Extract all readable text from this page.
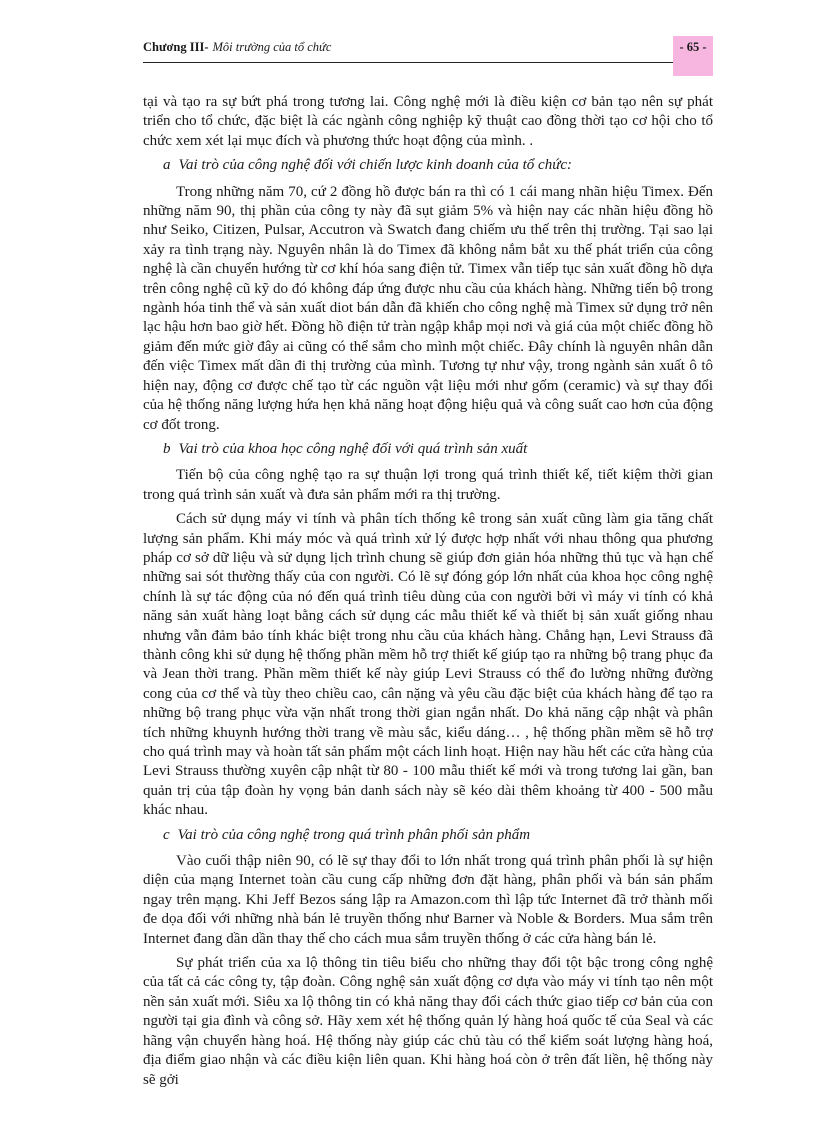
Chương III- Môi trường của tổ chức	- 65 -

tại và tạo ra sự bứt phá trong tương lai. Công nghệ mới là điều kiện cơ bản tạo nên sự phát triển cho tổ chức, đặc biệt là các ngành công nghiệp kỹ thuật cao đồng thời tạo cơ hội cho tổ chức xem xét lại mục đích và phương thức hoạt động của mình. .

a Vai trò của công nghệ đối với chiến lược kinh doanh của tổ chức:

Trong những năm 70, cứ 2 đồng hồ được bán ra thì có 1 cái mang nhãn hiệu Timex. Đến những năm 90, thị phần của công ty này đã sụt giảm 5% và hiện nay các nhãn hiệu đồng hồ như Seiko, Citizen, Pulsar, Accutron và Swatch đang chiếm ưu thế trên thị trường. Tại sao lại xảy ra tình trạng này. Nguyên nhân là do Timex đã không nắm bắt xu thế phát triển của công nghệ là cần chuyển hướng từ cơ khí hóa sang điện tử. Timex vẫn tiếp tục sản xuất đồng hồ dựa trên công nghệ cũ kỹ do đó không đáp ứng được nhu cầu của khách hàng. Những tiến bộ trong ngành hóa tinh thể và sản xuất diot bán dẫn đã khiến cho công nghệ mà Timex sử dụng trở nên lạc hậu hơn bao giờ hết. Đồng hồ điện tử tràn ngập khắp mọi nơi và giá của một chiếc đồng hồ giảm đến mức giờ đây ai cũng có thể sắm cho mình một chiếc. Đây chính là nguyên nhân dẫn đến việc Timex mất dần đi thị trường của mình. Tương tự như vậy, trong ngành sản xuất ô tô hiện nay, động cơ được chế tạo từ các nguồn vật liệu mới như gốm (ceramic) và sự thay đổi của hệ thống năng lượng hứa hẹn khả năng hoạt động hiệu quả và công suất cao hơn của động cơ đốt trong.

b Vai trò của khoa học công nghệ đối với quá trình sản xuất

Tiến bộ của công nghệ tạo ra sự thuận lợi trong quá trình thiết kế, tiết kiệm thời gian trong quá trình sản xuất và đưa sản phẩm mới ra thị trường.

Cách sử dụng máy vi tính và phân tích thống kê trong sản xuất cũng làm gia tăng chất lượng sản phẩm. Khi máy móc và quá trình xử lý được hợp nhất với nhau thông qua phương pháp cơ sở dữ liệu và sử dụng lịch trình chung sẽ giúp đơn giản hóa những thủ tục và hạn chế những sai sót thường thấy của con người. Có lẽ sự đóng góp lớn nhất của khoa học công nghệ chính là sự tác động của nó đến quá trình tiêu dùng của con người bởi vì máy vi tính có khả năng sản xuất hàng loạt bằng cách sử dụng các mẫu thiết kế và thiết bị sản xuất giống nhau nhưng vẫn đảm bảo tính khác biệt trong nhu cầu của khách hàng. Chẳng hạn, Levi Strauss đã thành công khi sử dụng hệ thống phần mềm hỗ trợ thiết kế giúp tạo ra những bộ trang phục đa và Jean thời trang. Phần mềm thiết kế này giúp Levi Strauss có thể đo lường những đường cong của cơ thể và tùy theo chiều cao, cân nặng và yêu cầu đặc biệt của khách hàng để tạo ra những bộ trang phục vừa vặn nhất trong thời gian ngắn nhất. Do khả năng cập nhật và phân tích những khuynh hướng thời trang về màu sắc, kiểu dáng… , hệ thống phần mềm sẽ hỗ trợ cho quá trình may và hoàn tất sản phẩm một cách linh hoạt. Hiện nay hầu hết các cửa hàng của Levi Strauss thường xuyên cập nhật từ 80 - 100 mẫu thiết kế mới và trong tương lai gần, ban quản trị của tập đoàn hy vọng bản danh sách này sẽ kéo dài thêm khoảng từ 400 - 500 mẫu khác nhau.

c Vai trò của công nghệ trong quá trình phân phối sản phẩm

Vào cuối thập niên 90, có lẽ sự thay đổi to lớn nhất trong quá trình phân phối là sự hiện diện của mạng Internet toàn cầu cung cấp những đơn đặt hàng, phân phối và bán sản phẩm ngay trên mạng. Khi Jeff Bezos sáng lập ra Amazon.com thì lập tức Internet đã trở thành mối đe dọa đối với những nhà bán lẻ truyền thống như Barner và Noble & Borders. Mua sắm trên Internet đang dần dần thay thế cho cách mua sắm truyền thống ở các cửa hàng bán lẻ.

Sự phát triển của xa lộ thông tin tiêu biểu cho những thay đổi tột bậc trong công nghệ của tất cả các công ty, tập đoàn. Công nghệ sản xuất động cơ dựa vào máy vi tính tạo nên một nền sản xuất mới. Siêu xa lộ thông tin có khả năng thay đổi cách thức giao tiếp cơ bản của con người tại gia đình và công sở. Hãy xem xét hệ thống quản lý hàng hoá quốc tế của Seal và các hãng vận chuyển hàng hoá. Hệ thống này giúp các chủ tàu có thể kiểm soát lượng hàng hoá, địa điểm giao nhận và các điều kiện liên quan. Khi hàng hoá còn ở trên đất liền, hệ thống này sẽ gởi
